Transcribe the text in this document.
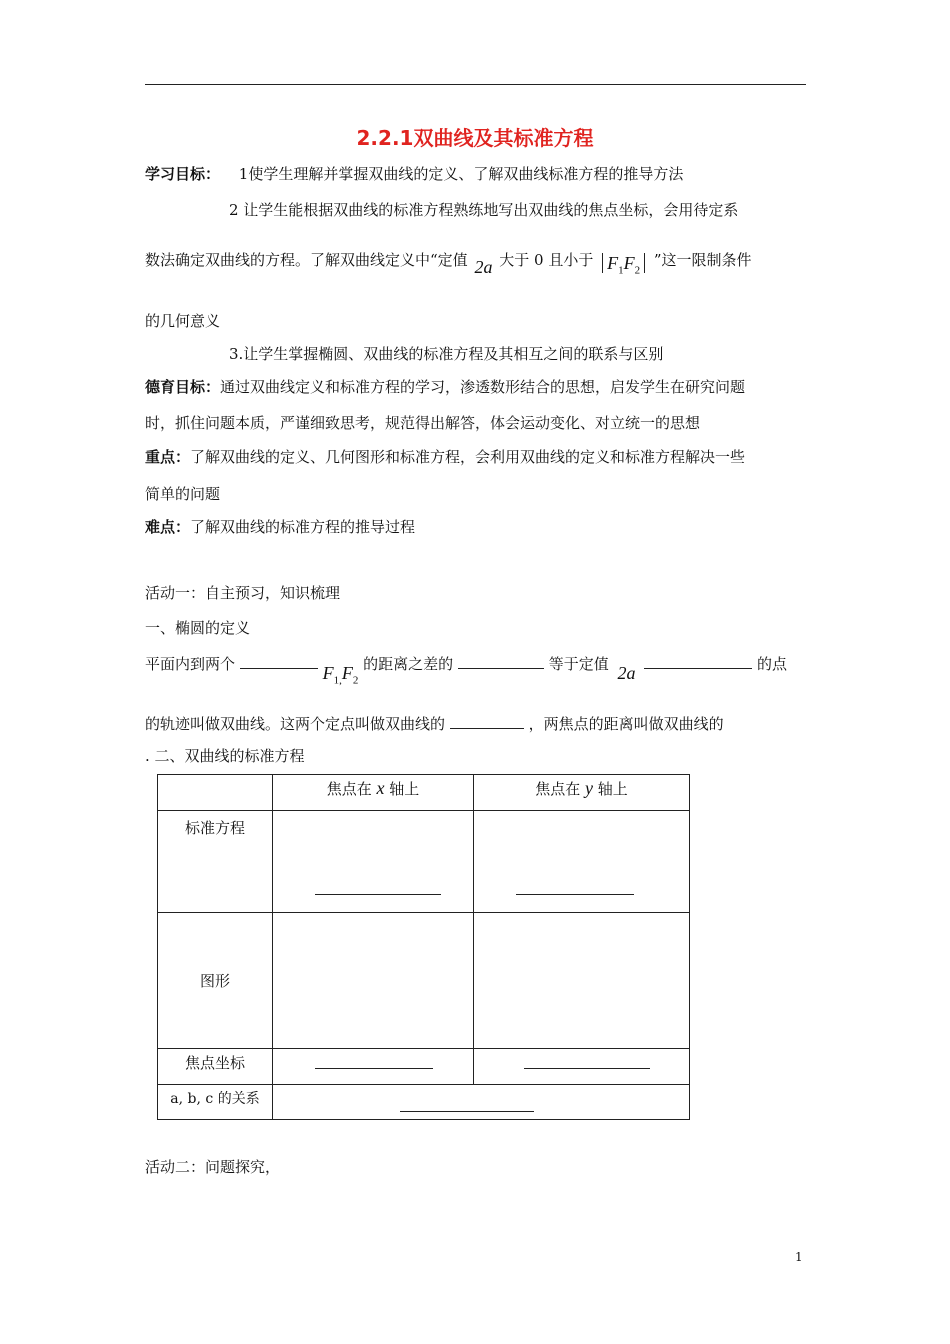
2.2.1双曲线及其标准方程
学习目标： 1使学生理解并掌握双曲线的定义、了解双曲线标准方程的推导方法
2 让学生能根据双曲线的标准方程熟练地写出双曲线的焦点坐标，会用待定系
数法确定双曲线的方程。了解双曲线定义中“定值 2a 大于 0 且小于 $F_1F_2$ ”这一限制条件
的几何意义
3.让学生掌握椭圆、双曲线的标准方程及其相互之间的联系与区别
德育目标：通过双曲线定义和标准方程的学习，渗透数形结合的思想，启发学生在研究问题
时，抓住问题本质，严谨细致思考，规范得出解答，体会运动变化、对立统一的思想
重点：了解双曲线的定义、几何图形和标准方程，会利用双曲线的定义和标准方程解决一些
简单的问题
难点：了解双曲线的标准方程的推导过程
活动一：自主预习，知识梳理
一、椭圆的定义
平面内到两个	$F_{1,}F_2$ 的距离之差的	等于定值 2a	的点
的轨迹叫做双曲线。这两个定点叫做双曲线的	，两焦点的距离叫做双曲线的
. 二、双曲线的标准方程

	焦点在 x 轴上	焦点在 y 轴上

标准方程		

图形		

焦点坐标		

a, b, c 的关系		

活动二：问题探究，
1
